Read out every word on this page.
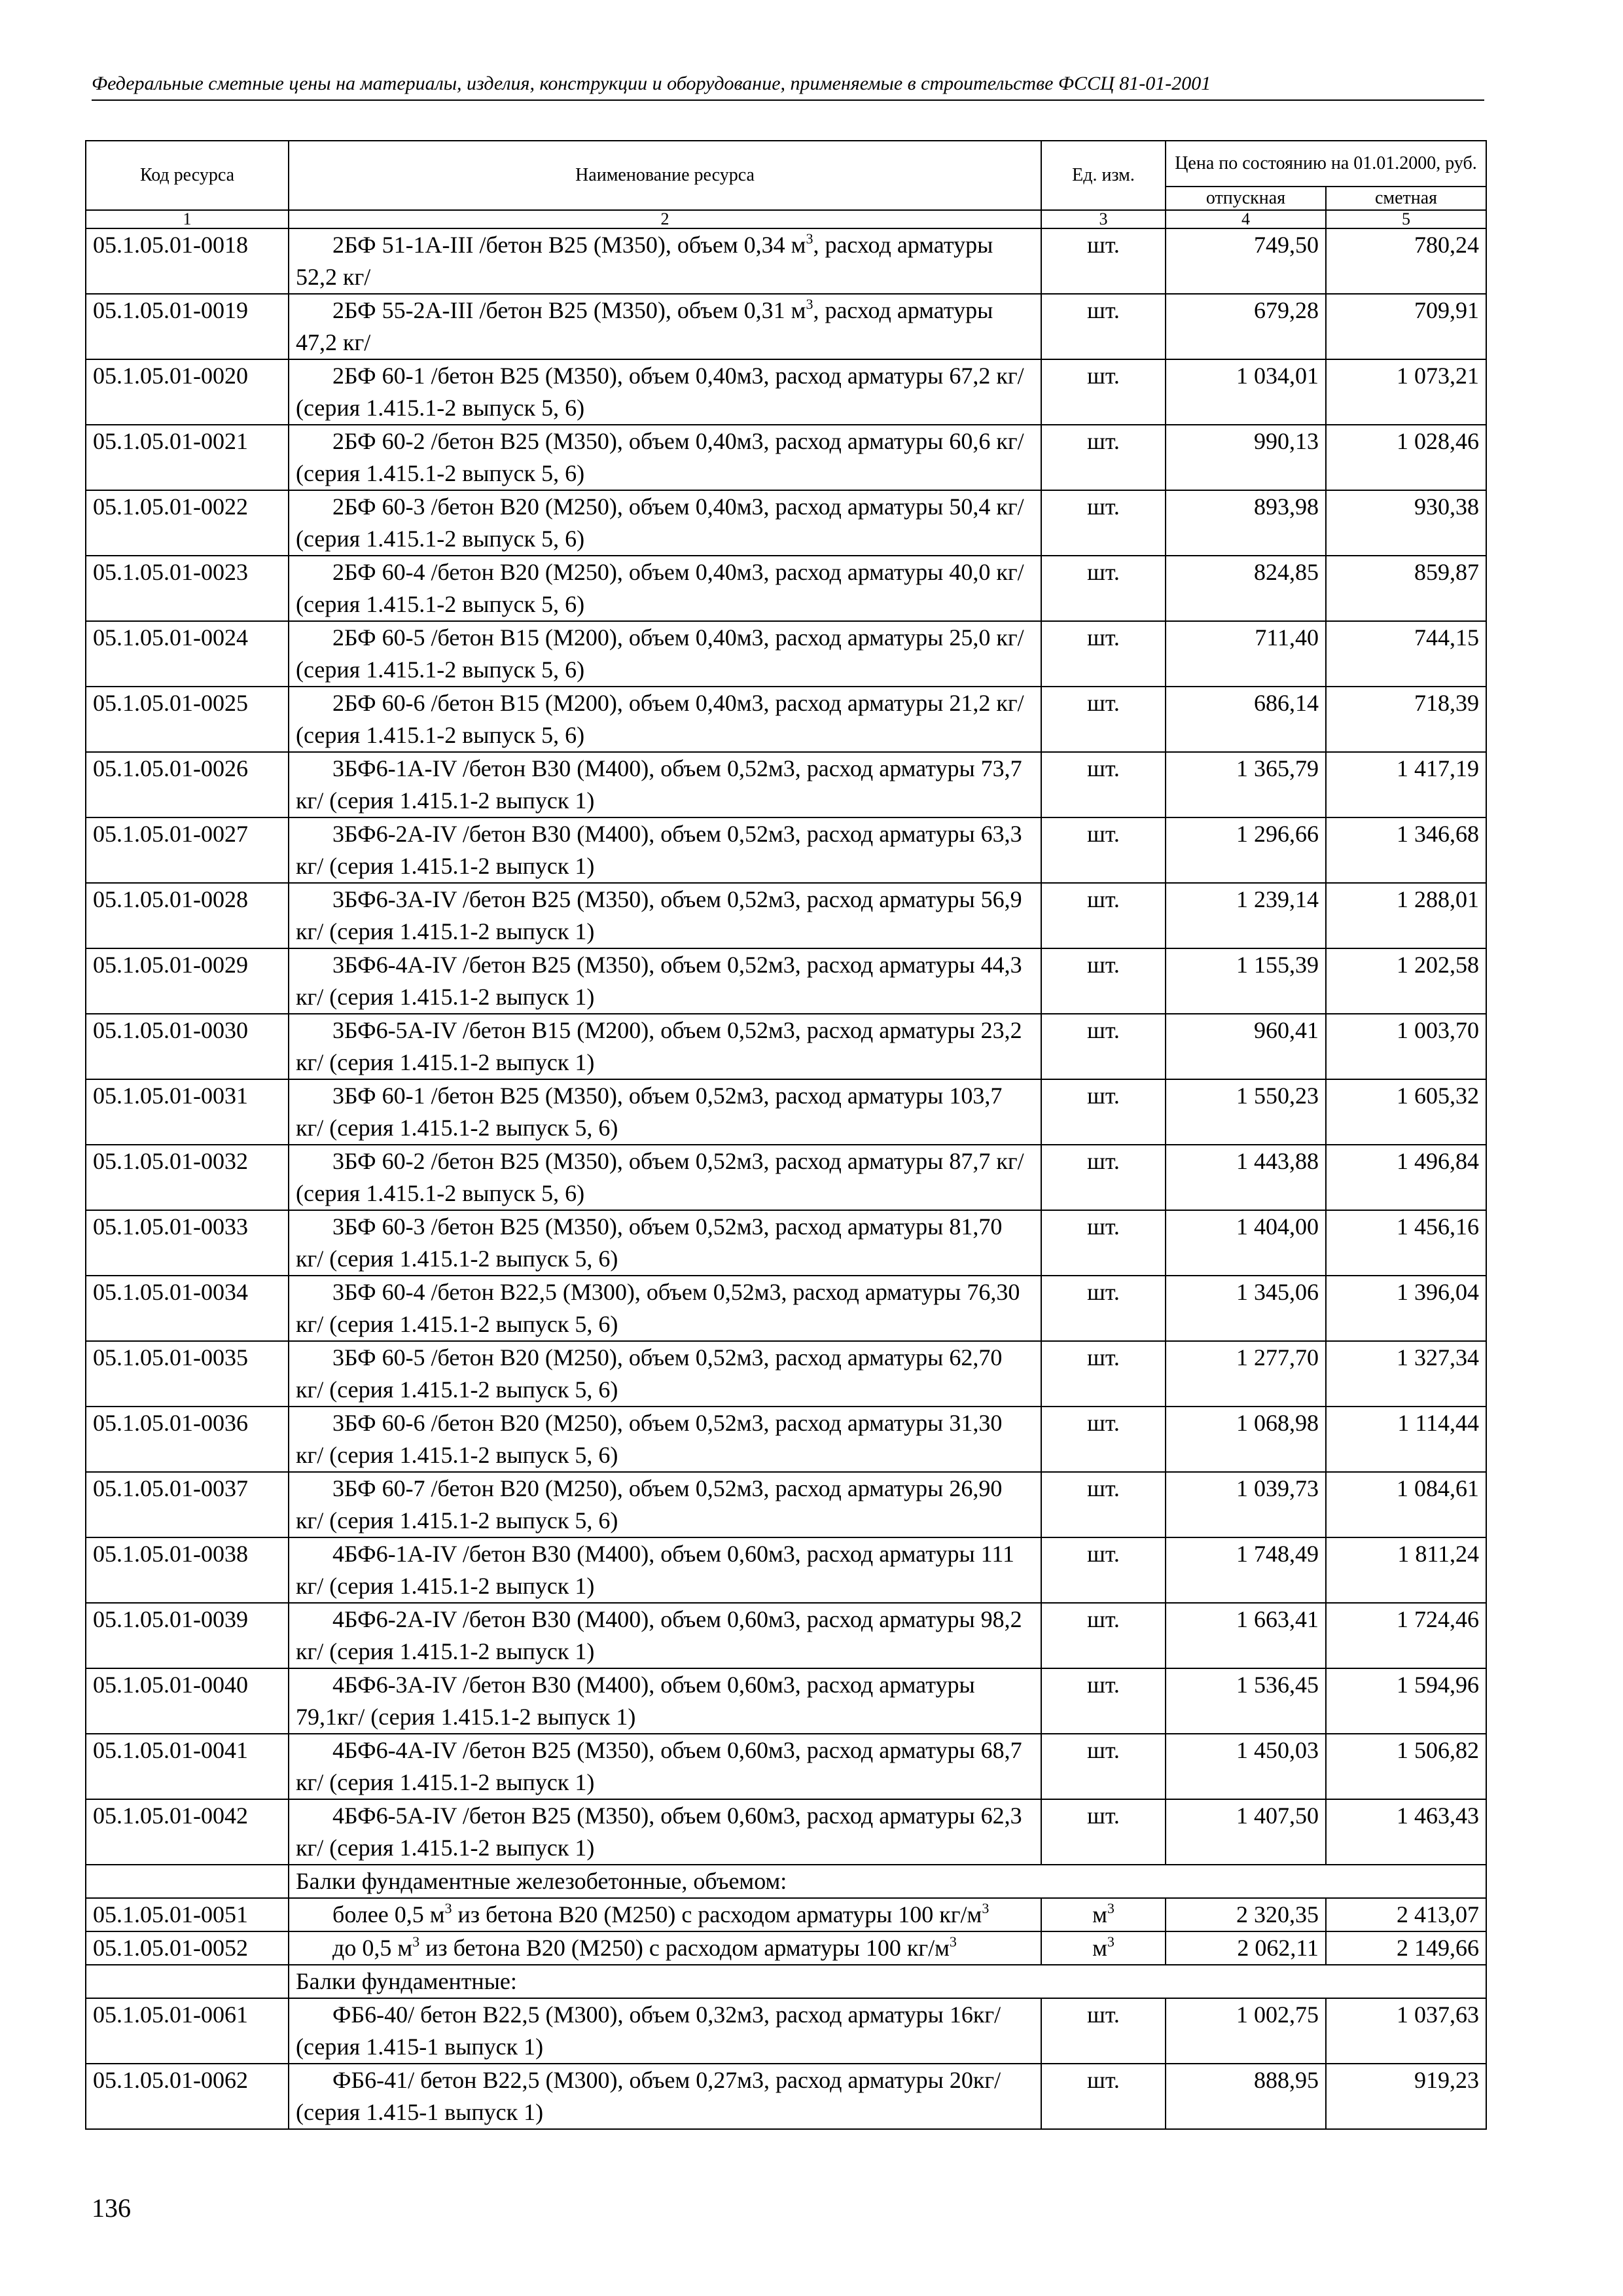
Федеральные сметные цены на материалы, изделия, конструкции и оборудование, применяемые в строительстве ФССЦ 81-01-2001
Код ресурса	Наименование ресурса	Ед. изм.	Цена по состоянию на 01.01.2000, руб.	
			отпускная	сметная
1	2	3	4	5
05.1.05.01-0018	2БФ 51-1А-III /бетон В25 (М350), объем 0,34 $м^3$, расход арматуры 52,2 кг/	шт.	749,50	780,24
05.1.05.01-0019	2БФ 55-2А-III /бетон В25 (М350), объем 0,31 $м^3$, расход арматуры 47,2 кг/	шт.	679,28	709,91
05.1.05.01-0020	2БФ 60-1 /бетон В25 (М350), объем 0,40м3, расход арматуры 67,2 кг/ (серия 1.415.1-2 выпуск 5, 6)	шт.	1 034,01	1 073,21
05.1.05.01-0021	2БФ 60-2 /бетон В25 (М350), объем 0,40м3, расход арматуры 60,6 кг/ (серия 1.415.1-2 выпуск 5, 6)	шт.	990,13	1 028,46
05.1.05.01-0022	2БФ 60-3 /бетон В20 (М250), объем 0,40м3, расход арматуры 50,4 кг/ (серия 1.415.1-2 выпуск 5, 6)	шт.	893,98	930,38
05.1.05.01-0023	2БФ 60-4 /бетон В20 (М250), объем 0,40м3, расход арматуры 40,0 кг/ (серия 1.415.1-2 выпуск 5, 6)	шт.	824,85	859,87
05.1.05.01-0024	2БФ 60-5 /бетон В15 (М200), объем 0,40м3, расход арматуры 25,0 кг/ (серия 1.415.1-2 выпуск 5, 6)	шт.	711,40	744,15
05.1.05.01-0025	2БФ 60-6 /бетон В15 (М200), объем 0,40м3, расход арматуры 21,2 кг/ (серия 1.415.1-2 выпуск 5, 6)	шт.	686,14	718,39
05.1.05.01-0026	3БФ6-1А-IV /бетон В30 (М400), объем 0,52м3, расход арматуры 73,7 кг/ (серия 1.415.1-2 выпуск 1)	шт.	1 365,79	1 417,19
05.1.05.01-0027	3БФ6-2А-IV /бетон В30 (М400), объем 0,52м3, расход арматуры 63,3 кг/ (серия 1.415.1-2 выпуск 1)	шт.	1 296,66	1 346,68
05.1.05.01-0028	3БФ6-3А-IV /бетон В25 (М350), объем 0,52м3, расход арматуры 56,9 кг/ (серия 1.415.1-2 выпуск 1)	шт.	1 239,14	1 288,01
05.1.05.01-0029	3БФ6-4А-IV /бетон В25 (М350), объем 0,52м3, расход арматуры 44,3 кг/ (серия 1.415.1-2 выпуск 1)	шт.	1 155,39	1 202,58
05.1.05.01-0030	3БФ6-5А-IV /бетон В15 (М200), объем 0,52м3, расход арматуры 23,2 кг/ (серия 1.415.1-2 выпуск 1)	шт.	960,41	1 003,70
05.1.05.01-0031	3БФ 60-1 /бетон В25 (М350), объем 0,52м3, расход арматуры 103,7 кг/ (серия 1.415.1-2 выпуск 5, 6)	шт.	1 550,23	1 605,32
05.1.05.01-0032	3БФ 60-2 /бетон В25 (М350), объем 0,52м3, расход арматуры 87,7 кг/ (серия 1.415.1-2 выпуск 5, 6)	шт.	1 443,88	1 496,84
05.1.05.01-0033	3БФ 60-3 /бетон В25 (М350), объем 0,52м3, расход арматуры 81,70 кг/ (серия 1.415.1-2 выпуск 5, 6)	шт.	1 404,00	1 456,16
05.1.05.01-0034	3БФ 60-4 /бетон В22,5 (М300), объем 0,52м3, расход арматуры 76,30 кг/ (серия 1.415.1-2 выпуск 5, 6)	шт.	1 345,06	1 396,04
05.1.05.01-0035	3БФ 60-5 /бетон В20 (М250), объем 0,52м3, расход арматуры 62,70 кг/ (серия 1.415.1-2 выпуск 5, 6)	шт.	1 277,70	1 327,34
05.1.05.01-0036	3БФ 60-6 /бетон В20 (М250), объем 0,52м3, расход арматуры 31,30 кг/ (серия 1.415.1-2 выпуск 5, 6)	шт.	1 068,98	1 114,44
05.1.05.01-0037	3БФ 60-7 /бетон В20 (М250), объем 0,52м3, расход арматуры 26,90 кг/ (серия 1.415.1-2 выпуск 5, 6)	шт.	1 039,73	1 084,61
05.1.05.01-0038	4БФ6-1А-IV /бетон В30 (М400), объем 0,60м3, расход арматуры 111 кг/ (серия 1.415.1-2 выпуск 1)	шт.	1 748,49	1 811,24
05.1.05.01-0039	4БФ6-2А-IV /бетон В30 (М400), объем 0,60м3, расход арматуры 98,2 кг/ (серия 1.415.1-2 выпуск 1)	шт.	1 663,41	1 724,46
05.1.05.01-0040	4БФ6-3А-IV /бетон В30 (М400), объем 0,60м3, расход арматуры 79,1кг/ (серия 1.415.1-2 выпуск 1)	шт.	1 536,45	1 594,96
05.1.05.01-0041	4БФ6-4А-IV /бетон В25 (М350), объем 0,60м3, расход арматуры 68,7 кг/ (серия 1.415.1-2 выпуск 1)	шт.	1 450,03	1 506,82
05.1.05.01-0042	4БФ6-5А-IV /бетон В25 (М350), объем 0,60м3, расход арматуры 62,3 кг/ (серия 1.415.1-2 выпуск 1)	шт.	1 407,50	1 463,43
	Балки фундаментные железобетонные, объемом:			
05.1.05.01-0051	более 0,5 $м^3$ из бетона В20 (М250) с расходом арматуры 100 $кг/м^3$	$м^3$	2 320,35	2 413,07
05.1.05.01-0052	до 0,5 $м^3$ из бетона В20 (М250) с расходом арматуры 100 $кг/м^3$	$м^3$	2 062,11	2 149,66
	Балки фундаментные:			
05.1.05.01-0061	ФБ6-40/ бетон В22,5 (М300), объем 0,32м3, расход арматуры 16кг/ (серия 1.415-1 выпуск 1)	шт.	1 002,75	1 037,63
05.1.05.01-0062	ФБ6-41/ бетон В22,5 (М300), объем 0,27м3, расход арматуры 20кг/ (серия 1.415-1 выпуск 1)	шт.	888,95	919,23
136
